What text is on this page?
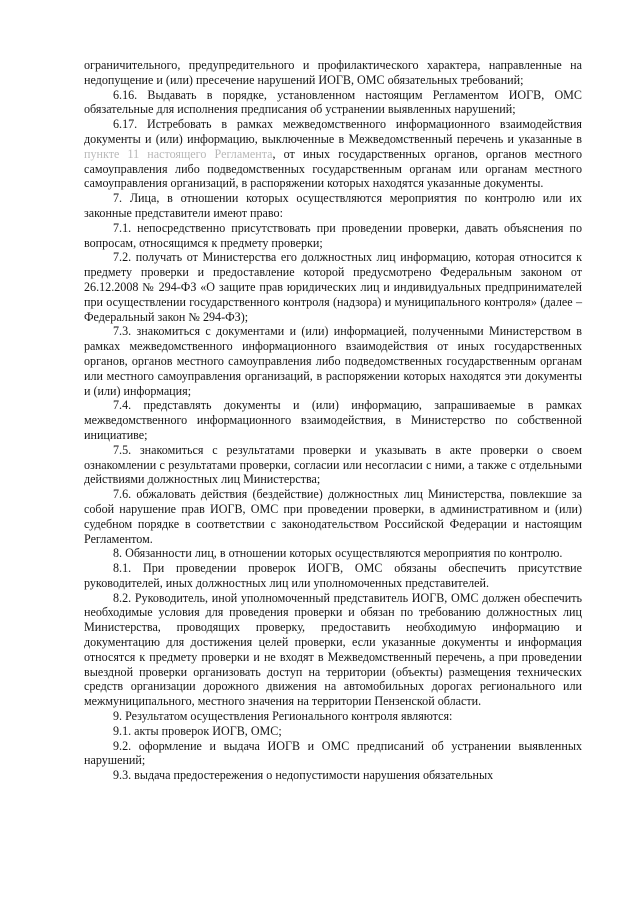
ограничительного, предупредительного и профилактического характера, направленные на недопущение и (или) пресечение нарушений ИОГВ, ОМС обязательных требований;

6.16. Выдавать в порядке, установленном настоящим Регламентом ИОГВ, ОМС обязательные для исполнения предписания об устранении выявленных нарушений;

6.17. Истребовать в рамках межведомственного информационного взаимодействия документы и (или) информацию, выключенные в Межведомственный перечень и указанные в пункте 11 настоящего Регламента, от иных государственных органов, органов местного самоуправления либо подведомственных государственным органам или органам местного самоуправления организаций, в распоряжении которых находятся указанные документы.

7. Лица, в отношении которых осуществляются мероприятия по контролю или их законные представители имеют право:

7.1. непосредственно присутствовать при проведении проверки, давать объяснения по вопросам, относящимся к предмету проверки;

7.2. получать от Министерства его должностных лиц информацию, которая относится к предмету проверки и предоставление которой предусмотрено Федеральным законом от 26.12.2008 № 294-ФЗ «О защите прав юридических лиц и индивидуальных предпринимателей при осуществлении государственного контроля (надзора) и муниципального контроля» (далее – Федеральный закон № 294-ФЗ);

7.3. знакомиться с документами и (или) информацией, полученными Министерством в рамках межведомственного информационного взаимодействия от иных государственных органов, органов местного самоуправления либо подведомственных государственным органам или местного самоуправления организаций, в распоряжении которых находятся эти документы и (или) информация;

7.4. представлять документы и (или) информацию, запрашиваемые в рамках межведомственного информационного взаимодействия, в Министерство по собственной инициативе;

7.5. знакомиться с результатами проверки и указывать в акте проверки о своем ознакомлении с результатами проверки, согласии или несогласии с ними, а также с отдельными действиями должностных лиц Министерства;

7.6. обжаловать действия (бездействие) должностных лиц Министерства, повлекшие за собой нарушение прав ИОГВ, ОМС при проведении проверки, в административном и (или) судебном порядке в соответствии с законодательством Российской Федерации и настоящим Регламентом.

8. Обязанности лиц, в отношении которых осуществляются мероприятия по контролю.

8.1. При проведении проверок ИОГВ, ОМС обязаны обеспечить присутствие руководителей, иных должностных лиц или уполномоченных представителей.

8.2. Руководитель, иной уполномоченный представитель ИОГВ, ОМС должен обеспечить необходимые условия для проведения проверки и обязан по требованию должностных лиц Министерства, проводящих проверку, предоставить необходимую информацию и документацию для достижения целей проверки, если указанные документы и информация относятся к предмету проверки и не входят в Межведомственный перечень, а при проведении выездной проверки организовать доступ на территории (объекты) размещения технических средств организации дорожного движения на автомобильных дорогах регионального или межмуниципального, местного значения на территории Пензенской области.

9. Результатом осуществления Регионального контроля являются:

9.1. акты проверок ИОГВ, ОМС;

9.2. оформление и выдача ИОГВ и ОМС предписаний об устранении выявленных нарушений;

9.3. выдача предостережения о недопустимости нарушения обязательных
